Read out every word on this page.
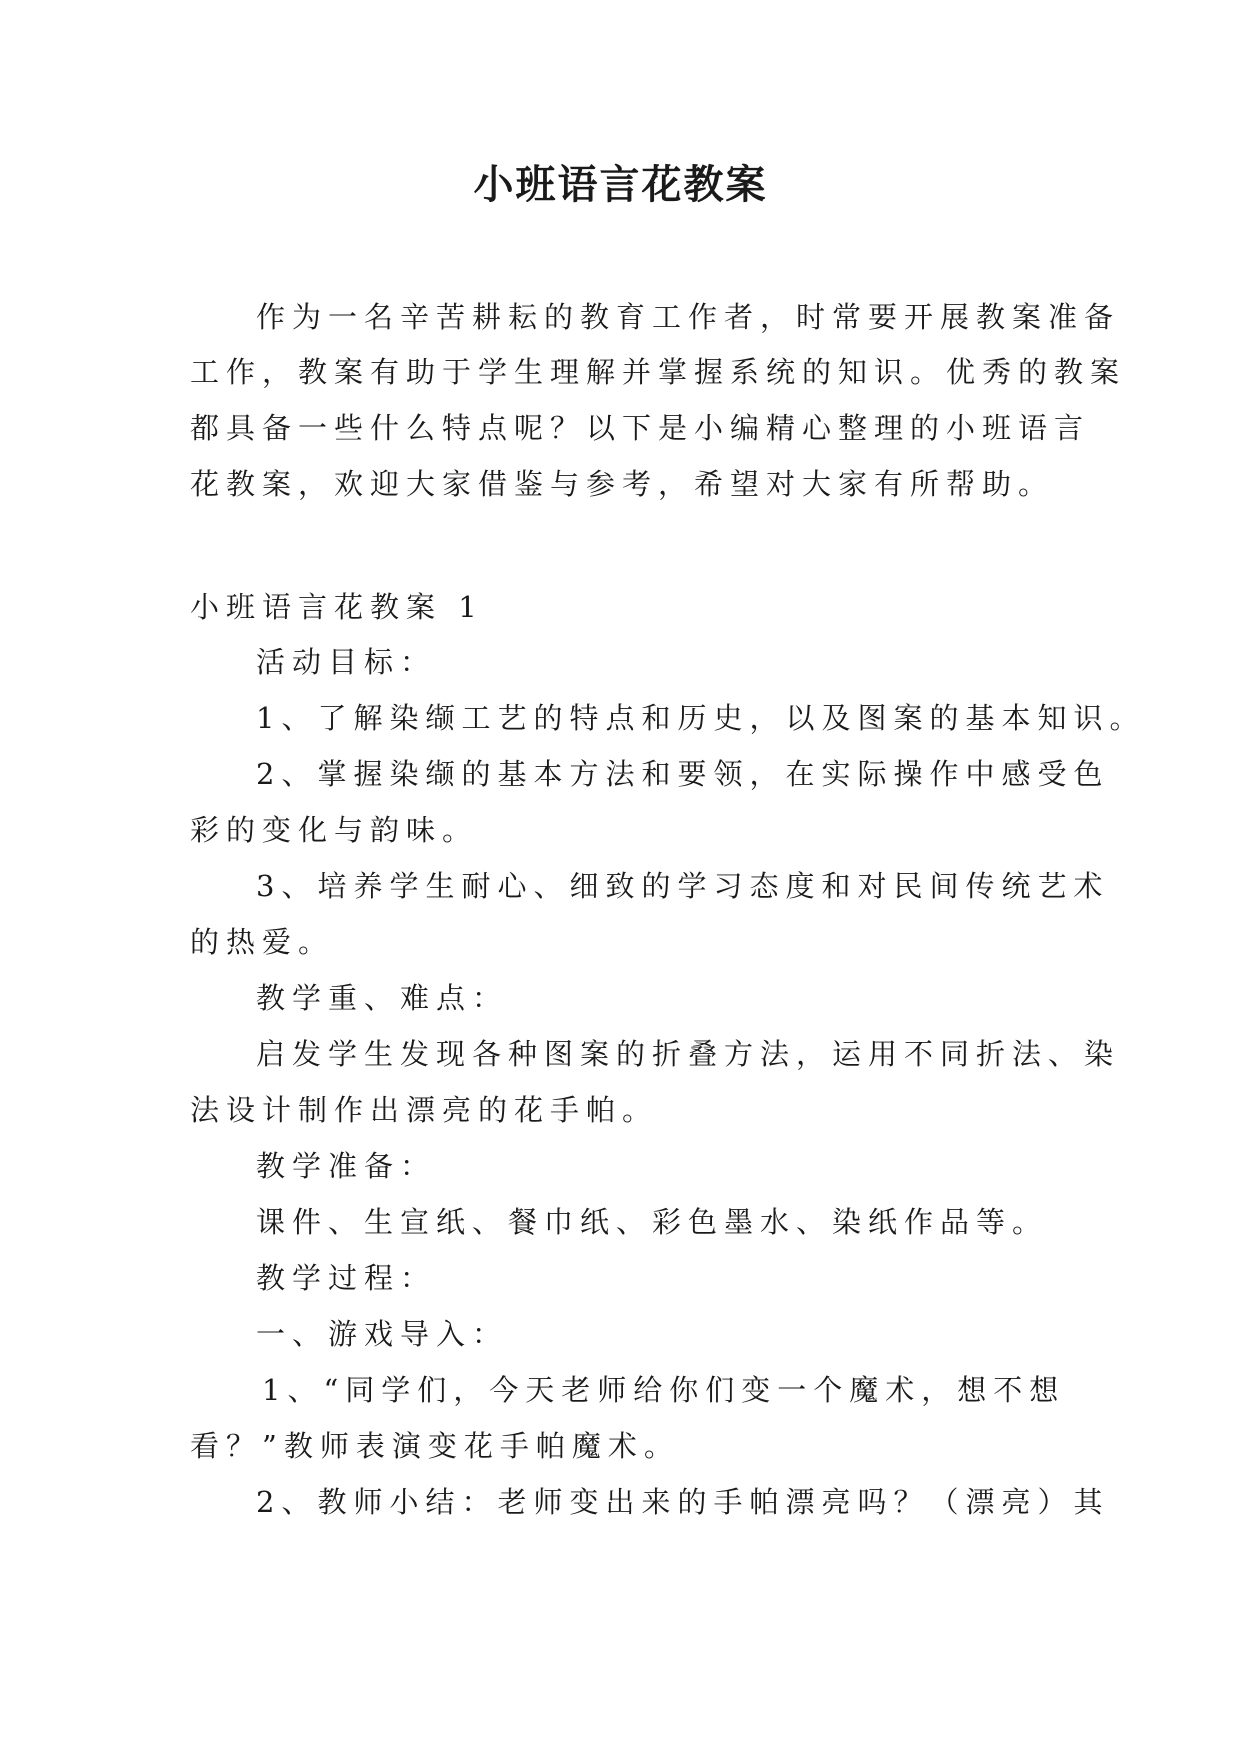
小班语言花教案
作为一名辛苦耕耘的教育工作者，时常要开展教案准备
工作，教案有助于学生理解并掌握系统的知识。优秀的教案
都具备一些什么特点呢？以下是小编精心整理的小班语言
花教案，欢迎大家借鉴与参考，希望对大家有所帮助。
小班语言花教案 1
活动目标：
1、了解染缬工艺的特点和历史，以及图案的基本知识。
2、掌握染缬的基本方法和要领，在实际操作中感受色
彩的变化与韵味。
3、培养学生耐心、细致的学习态度和对民间传统艺术
的热爱。
教学重、难点：
启发学生发现各种图案的折叠方法，运用不同折法、染
法设计制作出漂亮的花手帕。
教学准备：
课件、生宣纸、餐巾纸、彩色墨水、染纸作品等。
教学过程：
一、游戏导入：
1、“同学们，今天老师给你们变一个魔术，想不想
看？”教师表演变花手帕魔术。
2、教师小结：老师变出来的手帕漂亮吗？（漂亮）其
